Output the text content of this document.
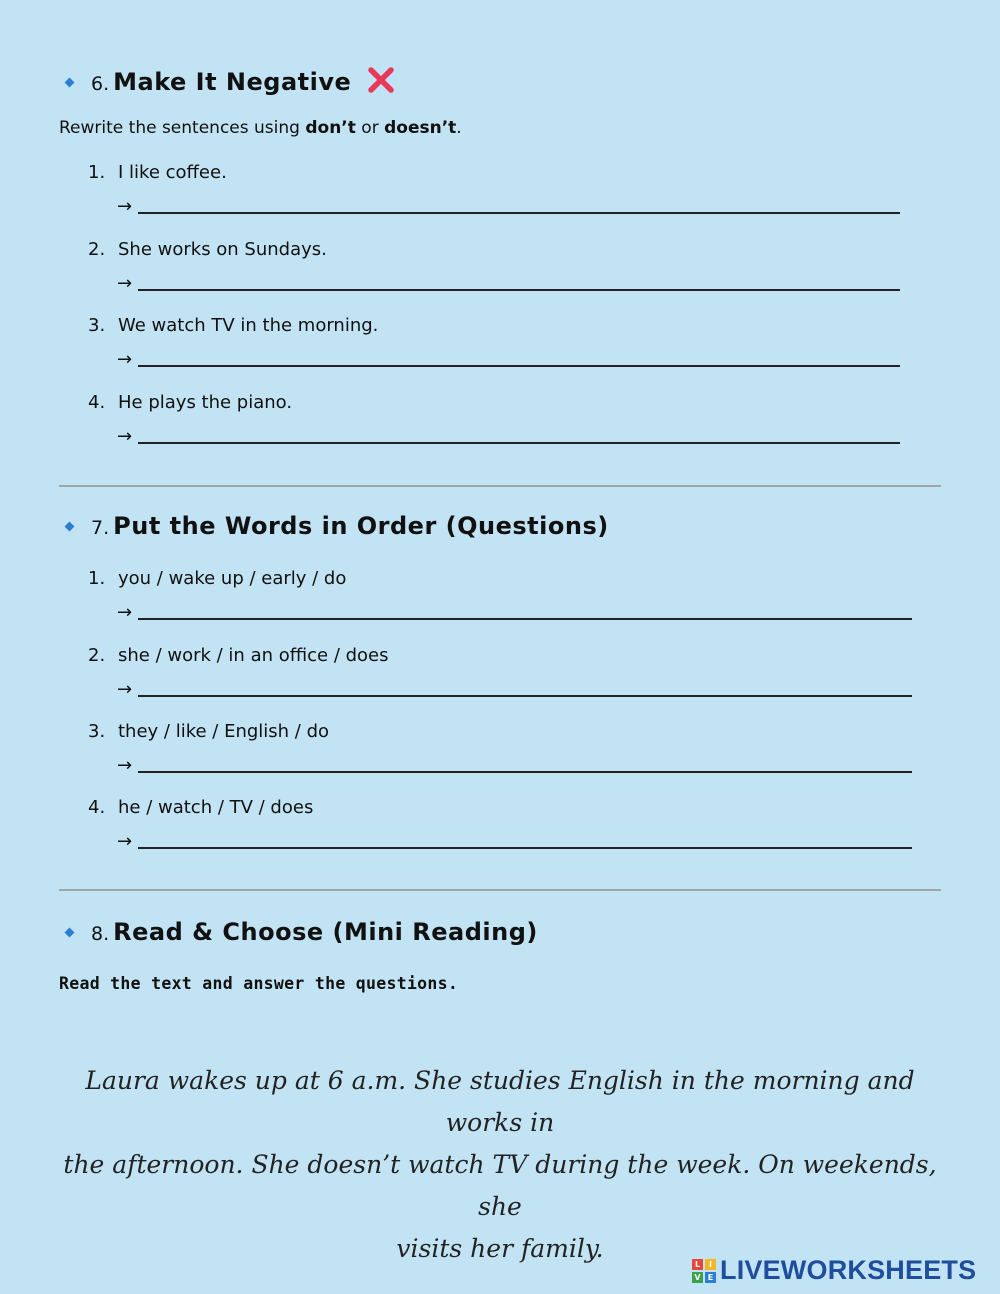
6. Make It Negative
Rewrite the sentences using don’t or doesn’t.
1. I like coffee.
→
2. She works on Sundays.
→
3. We watch TV in the morning.
→
4. He plays the piano.
→
7. Put the Words in Order (Questions)
1. you / wake up / early / do
→
2. she / work / in an office / does
→
3. they / like / English / do
→
4. he / watch / TV / does
→
8. Read & Choose (Mini Reading)
Read the text and answer the questions.
Laura wakes up at 6 a.m. She studies English in the morning and works in
the afternoon. She doesn’t watch TV during the week. On weekends, she
visits her family.
L	I
V E LIVEWORKSHEETS
